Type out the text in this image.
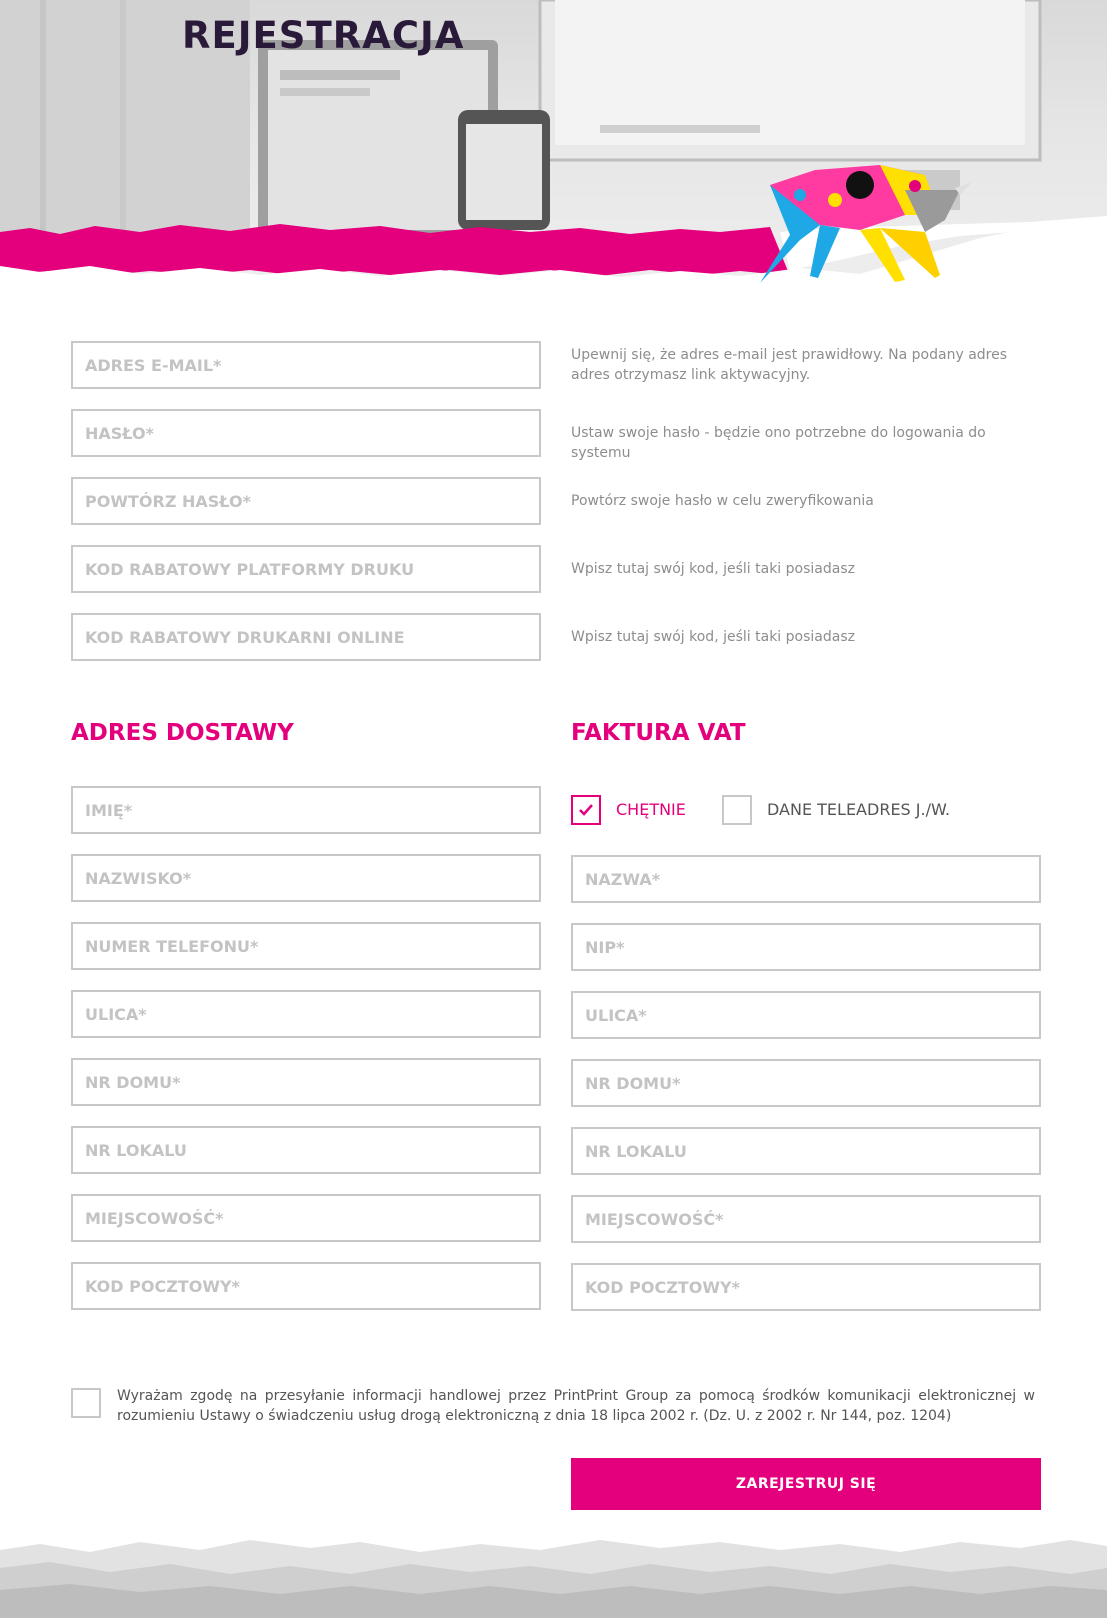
REJESTRACJA
ADRES E-MAIL*

Upewnij się, że adres e-mail jest prawidłowy. Na podany adres adres otrzymasz link aktywacyjny.

Ustaw swoje hasło - będzie ono potrzebne do logowania do systemu

Powtórz swoje hasło w celu zweryfikowania

KOD RABATOWY PLATFORMY DRUKU

Wpisz tutaj swój kod, jeśli taki posiadasz

KOD RABATOWY DRUKARNI ONLINE

Wpisz tutaj swój kod, jeśli taki posiadasz

ADRES DOSTAWY
IMIĘ*
NAZWISKO*
NUMER TELEFONU*
ULICA*
NR DOMU*
NR LOKALU
MIEJSCOWOŚĆ*
KOD POCZTOWY*	FAKTURA VAT
CHĘTNIE	DANE TELEADRES J./W.
NAZWA*
NIP*
ULICA*
NR DOMU*
NR LOKALU
MIEJSCOWOŚĆ*
KOD POCZTOWY*

Wyrażam zgodę na przesyłanie informacji handlowej przez PrintPrint Group za pomocą środków komunikacji elektronicznej w rozumieniu Ustawy o świadczeniu usług drogą elektroniczną z dnia 18 lipca 2002 r. (Dz. U. z 2002 r. Nr 144, poz. 1204)

ZAREJESTRUJ SIĘ
